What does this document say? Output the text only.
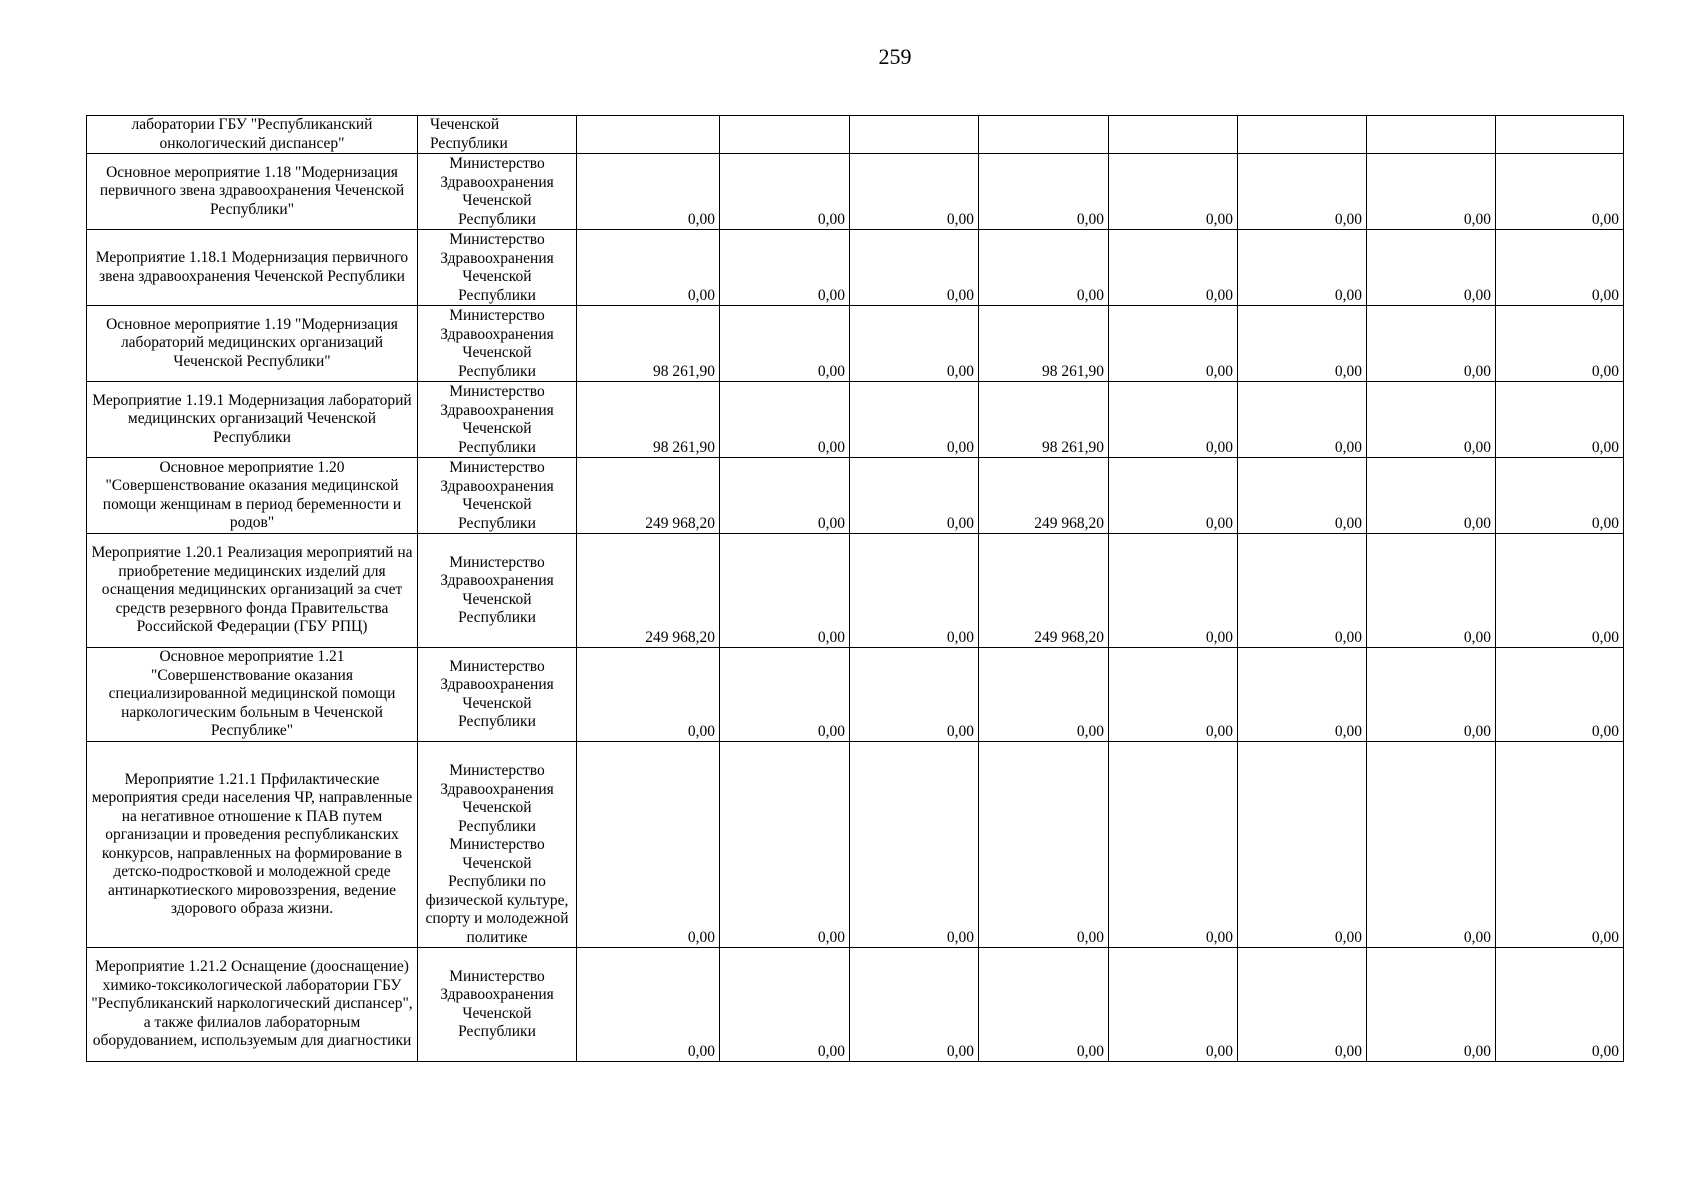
259
лаборатории ГБУ "Республиканский онкологический диспансер"	Чеченской Республики								
Основное мероприятие 1.18 "Модернизация первичного звена здравоохранения Чеченской Республики"	Министерство Здравоохранения Чеченской Республики	0,00	0,00	0,00	0,00	0,00	0,00	0,00	0,00
Мероприятие 1.18.1 Модернизация первичного звена здравоохранения Чеченской Республики	Министерство Здравоохранения Чеченской Республики	0,00	0,00	0,00	0,00	0,00	0,00	0,00	0,00
Основное мероприятие 1.19 "Модернизация лабораторий медицинских организаций Чеченской Республики"	Министерство Здравоохранения Чеченской Республики	98 261,90	0,00	0,00	98 261,90	0,00	0,00	0,00	0,00
Мероприятие 1.19.1 Модернизация лабораторий медицинских организаций Чеченской Республики	Министерство Здравоохранения Чеченской Республики	98 261,90	0,00	0,00	98 261,90	0,00	0,00	0,00	0,00
Основное мероприятие 1.20 "Совершенствование оказания медицинской помощи женщинам в период беременности и родов"	Министерство Здравоохранения Чеченской Республики	249 968,20	0,00	0,00	249 968,20	0,00	0,00	0,00	0,00
Мероприятие 1.20.1 Реализация мероприятий на приобретение медицинских изделий для оснащения медицинских организаций за счет средств резервного фонда Правительства Российской Федерации (ГБУ РПЦ)	Министерство Здравоохранения Чеченской Республики	249 968,20	0,00	0,00	249 968,20	0,00	0,00	0,00	0,00
Основное мероприятие 1.21 "Совершенствование оказания специализированной медицинской помощи наркологическим больным в Чеченской Республике"	Министерство Здравоохранения Чеченской Республики	0,00	0,00	0,00	0,00	0,00	0,00	0,00	0,00
Мероприятие 1.21.1 Прфилактические мероприятия среди населения ЧР, направленные на негативное отношение к ПАВ путем организации и проведения республиканских конкурсов, направленных на формирование в детско-подростковой и молодежной среде антинаркотиеского мировоззрения, ведение здорового образа жизни.	Министерство Здравоохранения Чеченской Республики Министерство Чеченской Республики по физической культуре, спорту и молодежной политике	0,00	0,00	0,00	0,00	0,00	0,00	0,00	0,00
Мероприятие 1.21.2 Оснащение (дооснащение) химико-токсикологической лаборатории ГБУ "Республиканский наркологический диспансер", а также филиалов лабораторным оборудованием, используемым для диагностики	Министерство Здравоохранения Чеченской Республики	0,00	0,00	0,00	0,00	0,00	0,00	0,00	0,00
